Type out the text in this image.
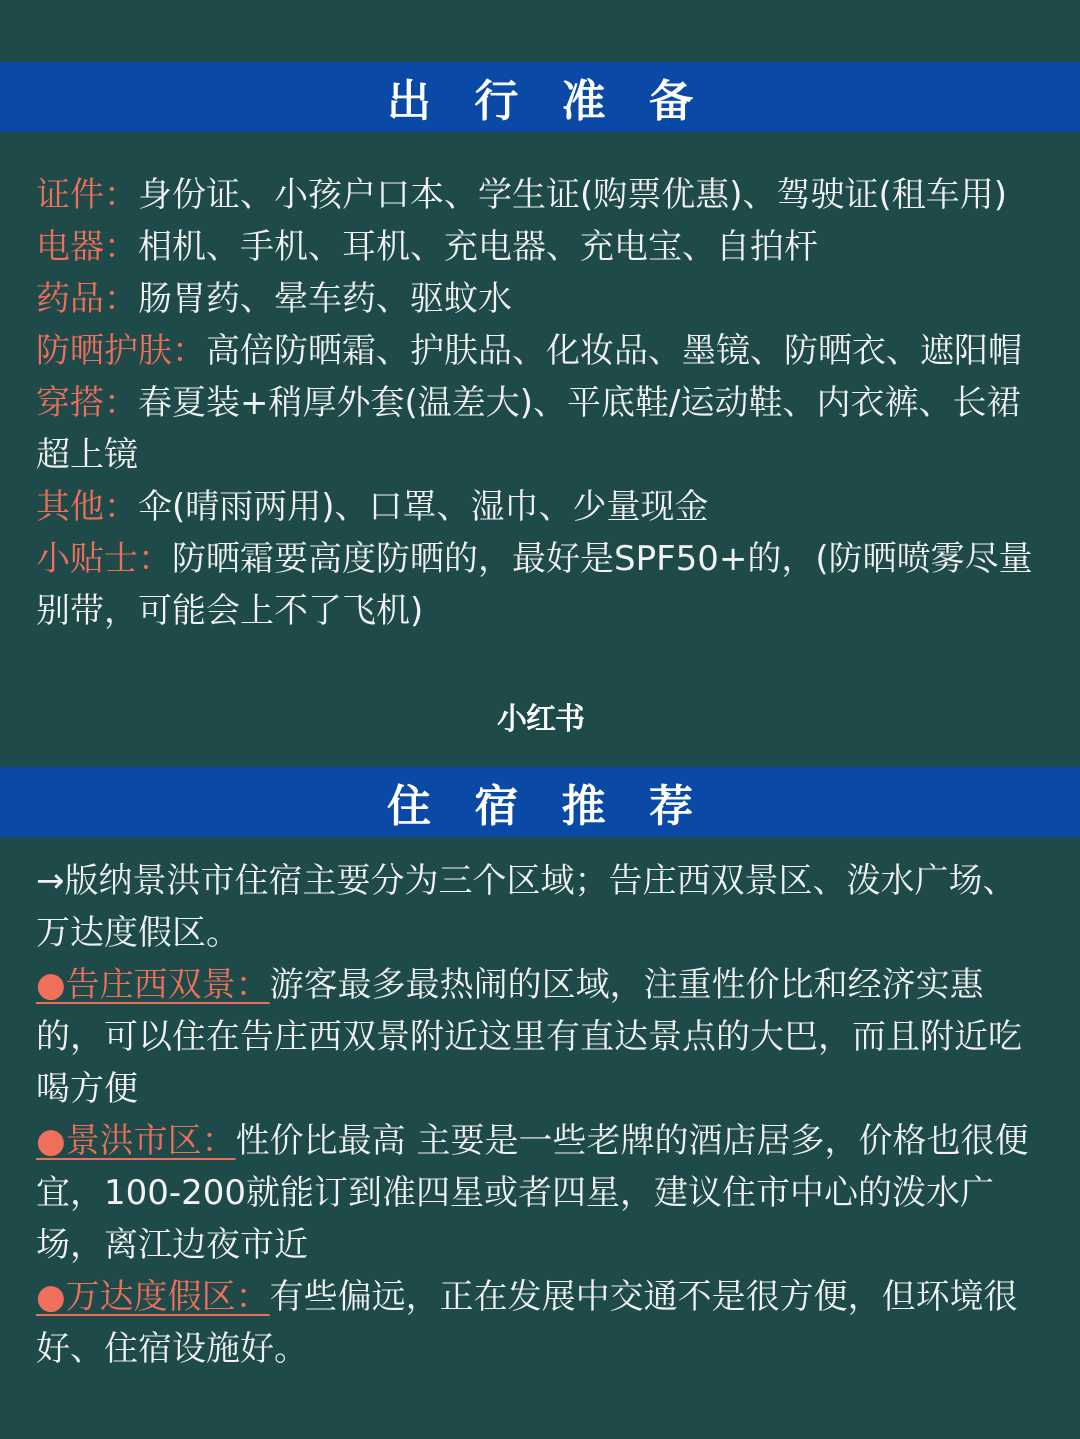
出 行 准 备

证件：身份证、小孩户口本、学生证(购票优惠)、驾驶证(租车用)

电器：相机、手机、耳机、充电器、充电宝、自拍杆

药品：肠胃药、晕车药、驱蚊水

防晒护肤：高倍防晒霜、护肤品、化妆品、墨镜、防晒衣、遮阳帽

穿搭：春夏装+稍厚外套(温差大)、平底鞋/运动鞋、内衣裤、长裙超上镜

其他：伞(晴雨两用)、口罩、湿巾、少量现金

小贴士：防晒霜要高度防晒的，最好是SPF50+的，(防晒喷雾尽量别带，可能会上不了飞机)

小红书
住 宿 推 荐

→版纳景洪市住宿主要分为三个区域；告庄西双景区、泼水广场、万达度假区。

●告庄西双景：游客最多最热闹的区域，注重性价比和经济实惠的，可以住在告庄西双景附近这里有直达景点的大巴，而且附近吃喝方便

●景洪市区：性价比最高 主要是一些老牌的酒店居多，价格也很便宜，100-200就能订到准四星或者四星，建议住市中心的泼水广场，离江边夜市近

●万达度假区：有些偏远，正在发展中交通不是很方便，但环境很好、住宿设施好。
